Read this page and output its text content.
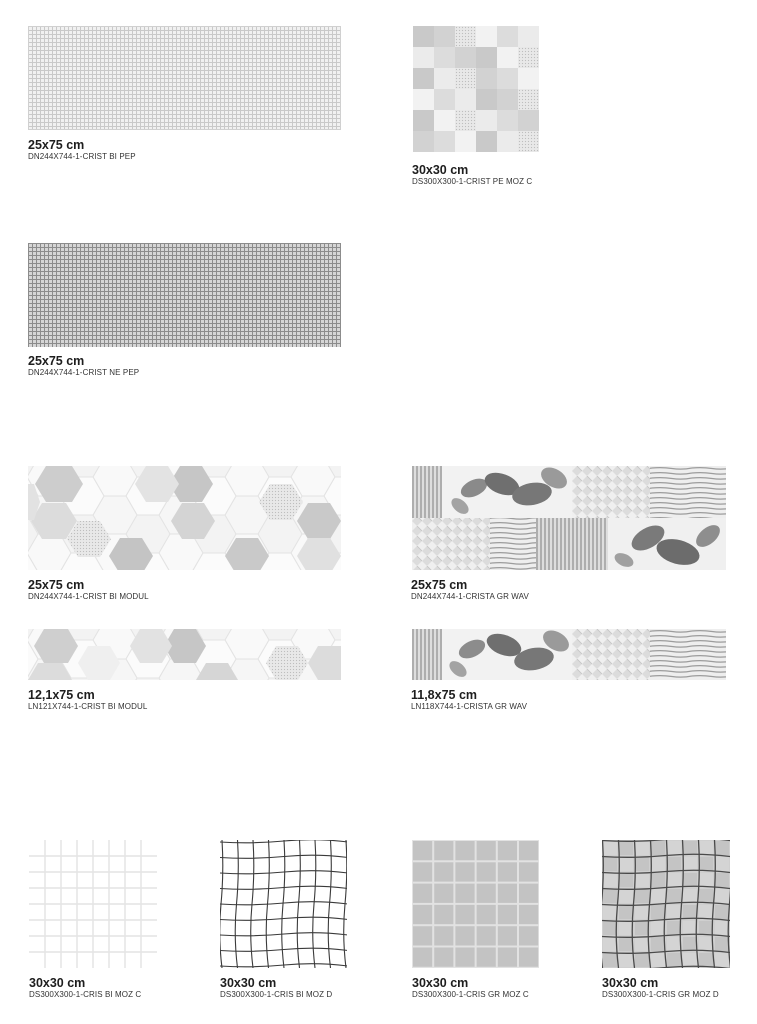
25x75 cm
DN244X744-1-CRIST BI PEP
30x30 cm
DS300X300-1-CRIST PE MOZ C
25x75 cm
DN244X744-1-CRIST NE PEP
25x75 cm
DN244X744-1-CRIST BI MODUL
25x75 cm
DN244X744-1-CRISTA GR WAV
12,1x75 cm
LN121X744-1-CRIST BI MODUL
11,8x75 cm
LN118X744-1-CRISTA GR WAV
30x30 cm
DS300X300-1-CRIS BI MOZ C
30x30 cm
DS300X300-1-CRIS BI MOZ D
30x30 cm
DS300X300-1-CRIS GR MOZ C
30x30 cm
DS300X300-1-CRIS GR MOZ D
